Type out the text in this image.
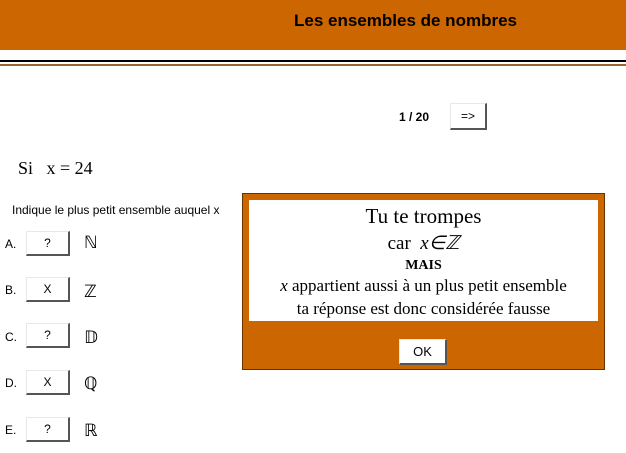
Les ensembles de nombres
1 / 20	=>
Si   x = 24
Indique le plus petit ensemble auquel x
A.	?	ℕ
B.	X	ℤ
C.	?	𝔻
D.	X	ℚ
E.	?	ℝ
Tu te trompes
car x∈ℤ
MAIS
x appartient aussi à un plus petit ensemble
ta réponse est donc considérée fausse
OK
